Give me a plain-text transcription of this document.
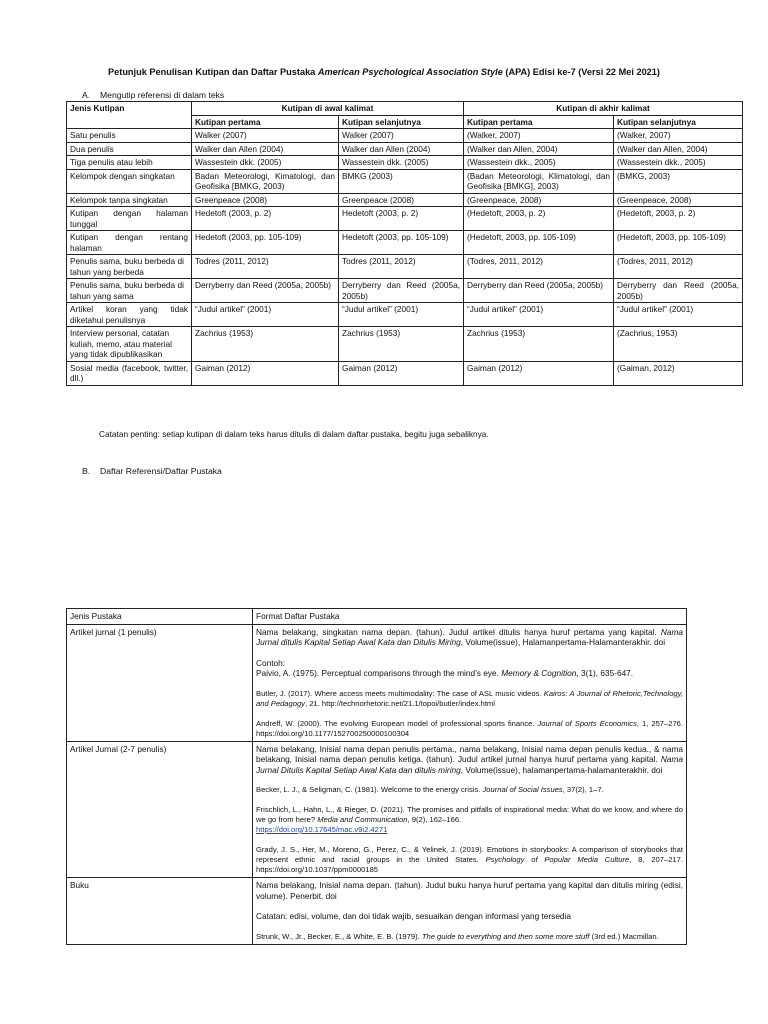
Petunjuk Penulisan Kutipan dan Daftar Pustaka American Psychological Association Style (APA) Edisi ke-7 (Versi 22 Mei 2021)
A. Mengutip referensi di dalam teks
Jenis Kutipan	Kutipan di awal kalimat		Kutipan di akhir kalimat	
	Kutipan pertama	Kutipan selanjutnya	Kutipan pertama	Kutipan selanjutnya
Satu penulis	Walker (2007)	Walker (2007)	(Walker, 2007)	(Walker, 2007)
Dua penulis	Walker dan Allen (2004)	Walker dan Allen (2004)	(Walker dan Allen, 2004)	(Walker dan Allen, 2004)
Tiga penulis atau lebih	Wassestein dkk. (2005)	Wassestein dkk. (2005)	(Wassestein dkk., 2005)	(Wassestein dkk., 2005)
Kelompok dengan singkatan	Badan Meteorologi, Kimatologi, dan Geofisika [BMKG, 2003)	BMKG (2003)	(Badan Meteorologi, Klimatologi, dan Geofisika [BMKG], 2003)	(BMKG, 2003)
Kelompok tanpa singkatan	Greenpeace (2008)	Greenpeace (2008)	(Greenpeace, 2008)	(Greenpeace, 2008)
Kutipan dengan halaman tunggal	Hedetoft (2003, p. 2)	Hedetoft (2003, p. 2)	(Hedetoft, 2003, p. 2)	(Hedetoft, 2003, p. 2)
Kutipan dengan rentang halaman	Hedetoft (2003, pp. 105-109)	Hedetoft (2003, pp. 105-109)	(Hedetoft, 2003, pp. 105-109)	(Hedetoft, 2003, pp. 105-109)
Penulis sama, buku berbeda di tahun yang berbeda	Todres (2011, 2012)	Todres (2011, 2012)	(Todres, 2011, 2012)	(Todres, 2011, 2012)
Penulis sama, buku berbeda di tahun yang sama	Derryberry dan Reed (2005a, 2005b)	Derryberry dan Reed (2005a, 2005b)	Derryberry dan Reed (2005a, 2005b)	Derryberry dan Reed (2005a, 2005b)
Artikel koran yang tidak diketahui penulisnya	“Judul artikel” (2001)	“Judul artikel” (2001)	“Judul artikel” (2001)	“Judul artikel” (2001)
Interview personal, catatan kuliah, memo, atau material yang tidak dipublikasikan	Zachrius (1953)	Zachrius (1953)	Zachrius (1953)	(Zachrius, 1953)
Sosial media (facebook, twitter, dll.)	Gaiman (2012)	Gaiman (2012)	Gaiman (2012)	(Gaiman, 2012)
Catatan penting: setiap kutipan di dalam teks harus ditulis di dalam daftar pustaka, begitu juga sebaliknya.
B. Daftar Referensi/Daftar Pustaka
Jenis Pustaka	Format Daftar Pustaka
Artikel jurnal (1 penulis)	Nama belakang, singkatan nama depan. (tahun). Judul artikel ditulis hanya huruf pertama yang kapital. Nama Jurnal ditulis Kapital Setiap Awal Kata dan Ditulis Miring, Volume(issue), Halamanpertama-Halamanterakhir. doi

Contoh:

Paivio, A. (1975). Perceptual comparisons through the mind’s eye. Memory & Cognition, 3(1), 635-647.

Butler, J. (2017). Where access meets multimodality: The case of ASL music videos. Kairos: A Journal of Rhetoric,Technology, and Pedagogy, 21. http://technorhetoric.net/21.1/topoi/butler/index.html

Andreff, W. (2000). The evolving European model of professional sports finance. Journal of Sports Economics, 1, 257–276. https://doi.org/10.1177/152700250000100304

Artikel Jurnal (2-7 penulis)	Nama belakang, Inisial nama depan penulis pertama., nama belakang, Inisial nama depan penulis kedua., & nama belakang, Inisial nama depan penulis ketiga. (tahun). Judul artikel jurnal hanya huruf pertama yang kapital. Nama Jurnal Ditulis Kapital Setiap Awal Kata dan ditulis miring, Volume(issue), halamanpertama-halamanterakhir. doi

Becker, L. J., & Seligman, C. (1981). Welcome to the energy crisis. Journal of Social Issues, 37(2), 1–7.

Frischlich, L., Hahn, L., & Rieger, D. (2021). The promises and pitfalls of inspirational media: What do we know, and where do we go from here? Media and Communication, 9(2), 162–166.
https://doi.org/10.17645/mac.v9i2.4271

Grady, J. S., Her, M., Moreno, G., Perez, C., & Yelinek, J. (2019). Emotions in storybooks: A comparison of storybooks that represent ethnic and racial groups in the United States. Psychology of Popular Media Culture, 8, 207–217. https://doi.org/10.1037/ppm0000185

Buku	Nama belakang, Inisial nama depan. (tahun). Judul buku hanya huruf pertama yang kapital dan ditulis miring (edisi, volume). Penerbit. doi

Catatan: edisi, volume, dan doi tidak wajib, sesuaikan dengan informasi yang tersedia

Strunk, W., Jr., Becker, E., & White, E. B. (1979). The guide to everything and then some more stuff (3rd ed.) Macmillan.
